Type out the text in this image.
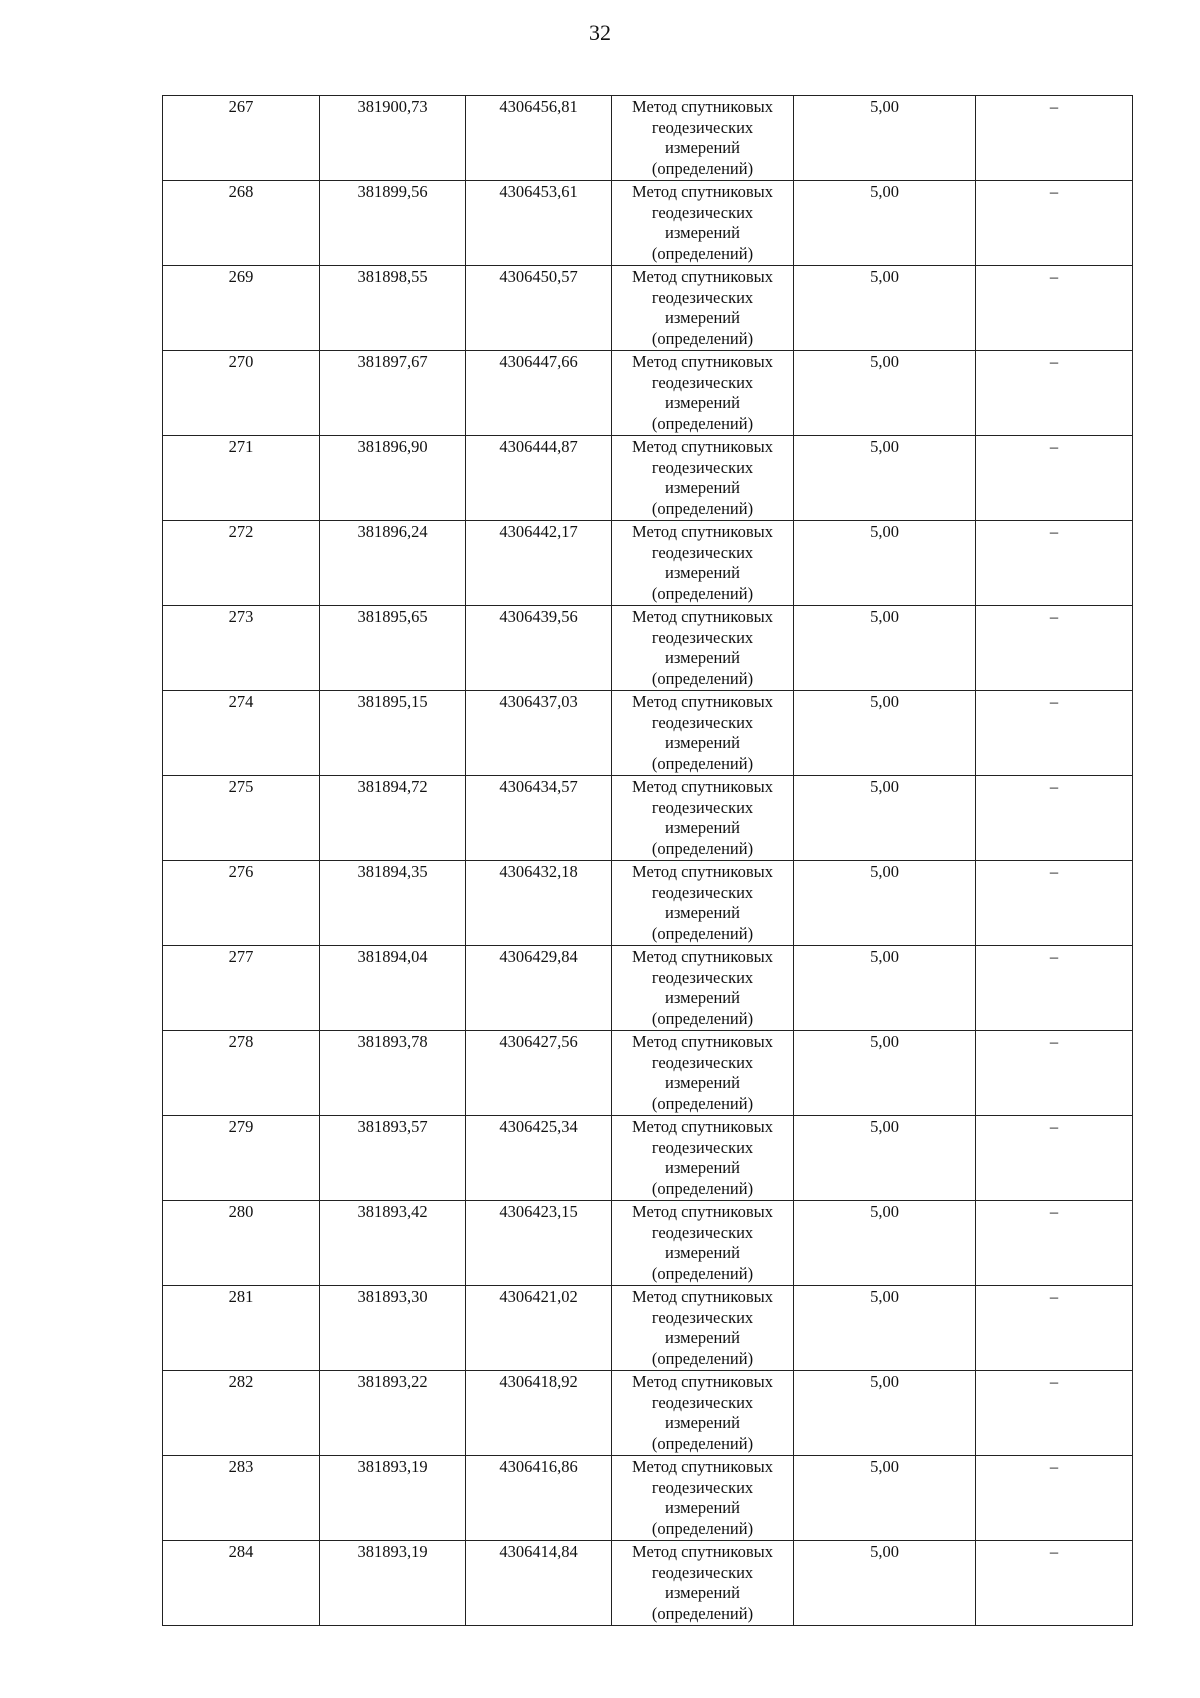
32
267	381900,73	4306456,81	Метод спутниковых геодезических измерений (определений)	5,00	–
268	381899,56	4306453,61	Метод спутниковых геодезических измерений (определений)	5,00	–
269	381898,55	4306450,57	Метод спутниковых геодезических измерений (определений)	5,00	–
270	381897,67	4306447,66	Метод спутниковых геодезических измерений (определений)	5,00	–
271	381896,90	4306444,87	Метод спутниковых геодезических измерений (определений)	5,00	–
272	381896,24	4306442,17	Метод спутниковых геодезических измерений (определений)	5,00	–
273	381895,65	4306439,56	Метод спутниковых геодезических измерений (определений)	5,00	–
274	381895,15	4306437,03	Метод спутниковых геодезических измерений (определений)	5,00	–
275	381894,72	4306434,57	Метод спутниковых геодезических измерений (определений)	5,00	–
276	381894,35	4306432,18	Метод спутниковых геодезических измерений (определений)	5,00	–
277	381894,04	4306429,84	Метод спутниковых геодезических измерений (определений)	5,00	–
278	381893,78	4306427,56	Метод спутниковых геодезических измерений (определений)	5,00	–
279	381893,57	4306425,34	Метод спутниковых геодезических измерений (определений)	5,00	–
280	381893,42	4306423,15	Метод спутниковых геодезических измерений (определений)	5,00	–
281	381893,30	4306421,02	Метод спутниковых геодезических измерений (определений)	5,00	–
282	381893,22	4306418,92	Метод спутниковых геодезических измерений (определений)	5,00	–
283	381893,19	4306416,86	Метод спутниковых геодезических измерений (определений)	5,00	–
284	381893,19	4306414,84	Метод спутниковых геодезических измерений (определений)	5,00	–
